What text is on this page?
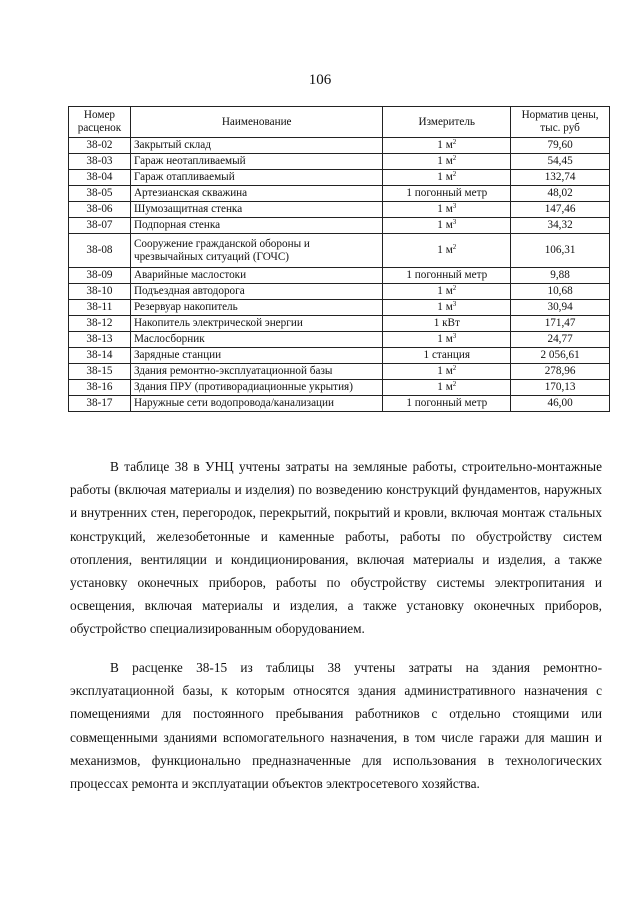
106
Номер расценок	Наименование	Измеритель	Норматив цены, тыс. руб
38-02	Закрытый склад	1 $м^2$	79,60
38-03	Гараж неотапливаемый	1 $м^2$	54,45
38-04	Гараж отапливаемый	1 $м^2$	132,74
38-05	Артезианская скважина	1 погонный метр	48,02
38-06	Шумозащитная стенка	1 $м^3$	147,46
38-07	Подпорная стенка	1 $м^3$	34,32
38-08	Сооружение гражданской обороны и чрезвычайных ситуаций (ГОЧС)	1 $м^2$	106,31
38-09	Аварийные маслостоки	1 погонный метр	9,88
38-10	Подъездная автодорога	1 $м^2$	10,68
38-11	Резервуар накопитель	1 $м^3$	30,94
38-12	Накопитель электрической энергии	1 кВт	171,47
38-13	Маслосборник	1 $м^3$	24,77
38-14	Зарядные станции	1 станция	2 056,61
38-15	Здания ремонтно-эксплуатационной базы	1 $м^2$	278,96
38-16	Здания ПРУ (противорадиационные укрытия)	1 $м^2$	170,13
38-17	Наружные сети водопровода/канализации	1 погонный метр	46,00

В таблице 38 в УНЦ учтены затраты на земляные работы, строительно-монтажные работы (включая материалы и изделия) по возведению конструкций фундаментов, наружных и внутренних стен, перегородок, перекрытий, покрытий и кровли, включая монтаж стальных конструкций, железобетонные и каменные работы, работы по обустройству систем отопления, вентиляции и кондиционирования, включая материалы и изделия, а также установку оконечных приборов, работы по обустройству системы электропитания и освещения, включая материалы и изделия, а также установку оконечных приборов, обустройство специализированным оборудованием.

В расценке 38-15 из таблицы 38 учтены затраты на здания ремонтно-эксплуатационной базы, к которым относятся здания административного назначения с помещениями для постоянного пребывания работников с отдельно стоящими или совмещенными зданиями вспомогательного назначения, в том числе гаражи для машин и механизмов, функционально предназначенные для использования в технологических процессах ремонта и эксплуатации объектов электросетевого хозяйства.
